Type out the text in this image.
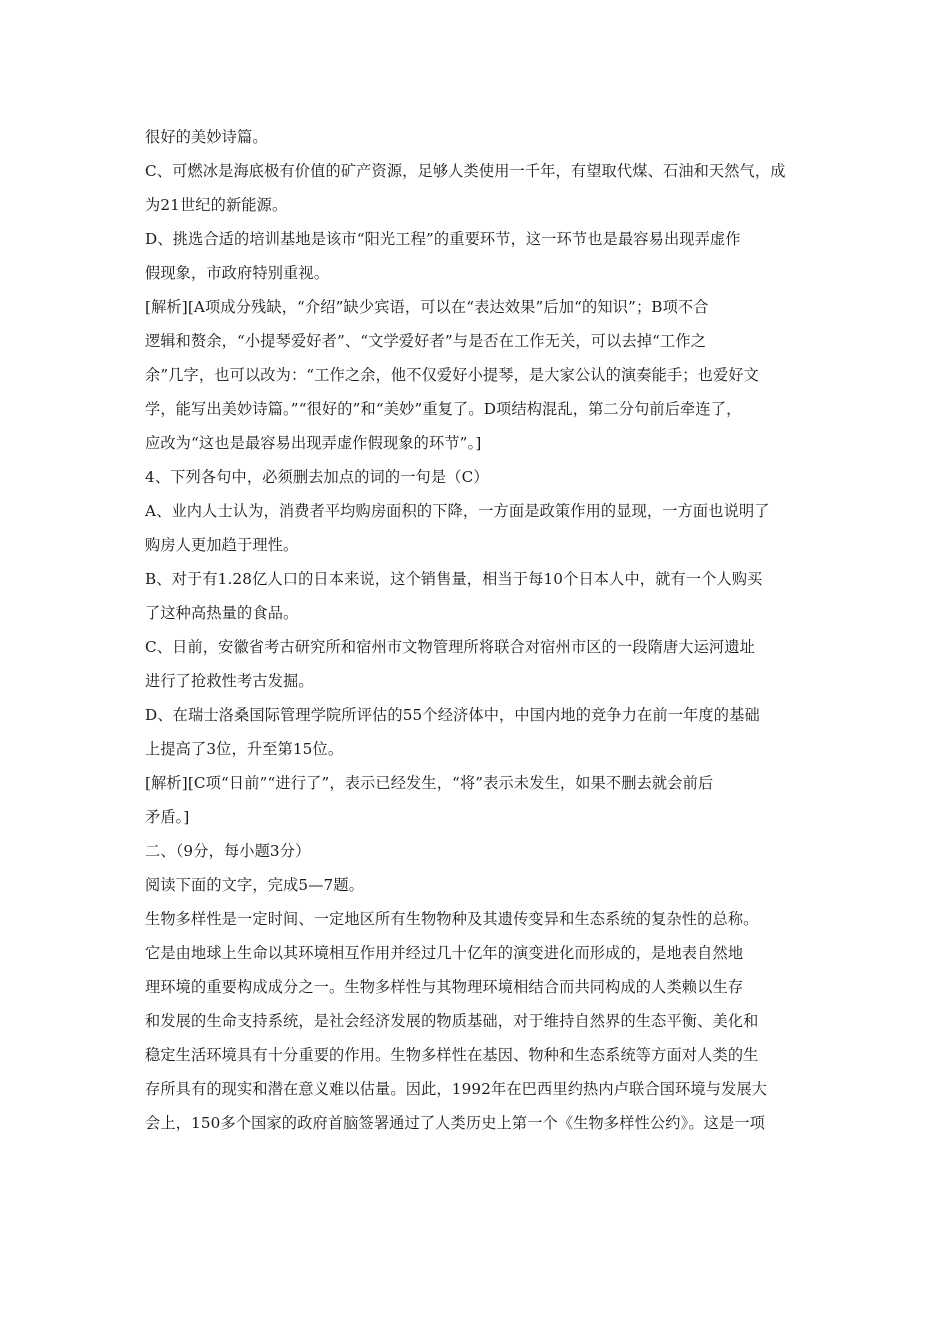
很好的美妙诗篇。
C、可燃冰是海底极有价值的矿产资源，足够人类使用一千年，有望取代煤、石油和天然气，成
为21世纪的新能源。
D、挑选合适的培训基地是该市“阳光工程”的重要环节，这一环节也是最容易出现弄虚作
假现象，市政府特别重视。
[解析][A项成分残缺，“介绍”缺少宾语，可以在“表达效果”后加“的知识”；B项不合
逻辑和赘余，“小提琴爱好者”、“文学爱好者”与是否在工作无关，可以去掉“工作之
余”几字，也可以改为：“工作之余，他不仅爱好小提琴，是大家公认的演奏能手；也爱好文
学，能写出美妙诗篇。”“很好的”和“美妙”重复了。D项结构混乱，第二分句前后牵连了，
应改为“这也是最容易出现弄虚作假现象的环节”。]
4、下列各句中，必须删去加点的词的一句是（C）
A、业内人士认为，消费者平均购房面积的下降，一方面是政策作用的显现，一方面也说明了
购房人更加趋于理性。
B、对于有1.28亿人口的日本来说，这个销售量，相当于每10个日本人中，就有一个人购买
了这种高热量的食品。
C、日前，安徽省考古研究所和宿州市文物管理所将联合对宿州市区的一段隋唐大运河遗址
进行了抢救性考古发掘。
D、在瑞士洛桑国际管理学院所评估的55个经济体中，中国内地的竞争力在前一年度的基础
上提高了3位，升至第15位。
[解析][C项“日前”“进行了”，表示已经发生，“将”表示未发生，如果不删去就会前后
矛盾。]
二、（9分，每小题3分）
阅读下面的文字，完成5—7题。
生物多样性是一定时间、一定地区所有生物物种及其遗传变异和生态系统的复杂性的总称。
它是由地球上生命以其环境相互作用并经过几十亿年的演变进化而形成的，是地表自然地
理环境的重要构成成分之一。生物多样性与其物理环境相结合而共同构成的人类赖以生存
和发展的生命支持系统，是社会经济发展的物质基础，对于维持自然界的生态平衡、美化和
稳定生活环境具有十分重要的作用。生物多样性在基因、物种和生态系统等方面对人类的生
存所具有的现实和潜在意义难以估量。因此，1992年在巴西里约热内卢联合国环境与发展大
会上，150多个国家的政府首脑签署通过了人类历史上第一个《生物多样性公约》。这是一项
